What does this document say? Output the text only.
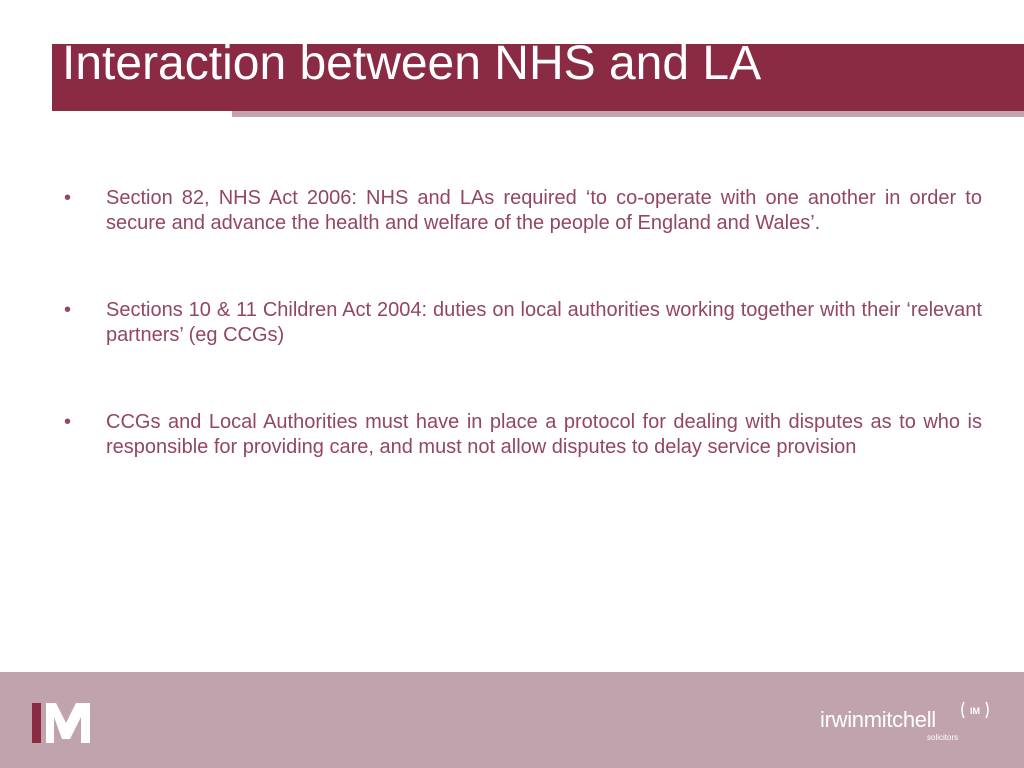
Interaction between NHS and LA
• Section 82, NHS Act 2006: NHS and LAs required ‘to co-operate with one another in order to secure and advance the health and welfare of the people of England and Wales’.
• Sections 10 & 11 Children Act 2004: duties on local authorities working together with their ‘relevant partners’ (eg CCGs)
• CCGs and Local Authorities must have in place a protocol for dealing with disputes as to who is responsible for providing care, and must not allow disputes to delay service provision
irwinmitchell
solicitors
IM
